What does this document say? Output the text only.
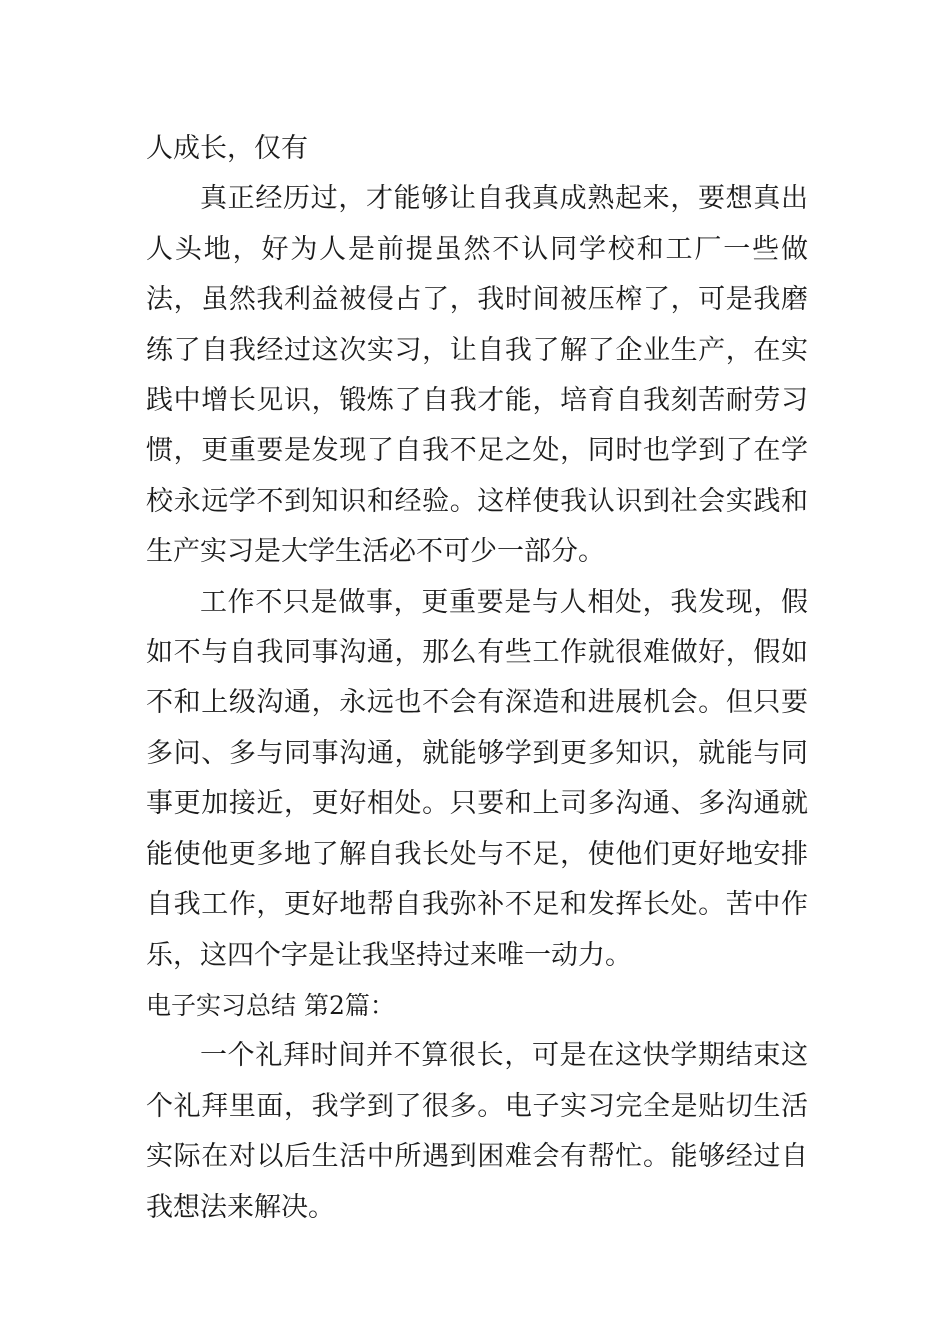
人成长，仅有

真正经历过，才能够让自我真成熟起来，要想真出人头地，好为人是前提虽然不认同学校和工厂一些做法，虽然我利益被侵占了，我时间被压榨了，可是我磨练了自我经过这次实习，让自我了解了企业生产，在实践中增长见识，锻炼了自我才能，培育自我刻苦耐劳习惯，更重要是发现了自我不足之处，同时也学到了在学校永远学不到知识和经验。这样使我认识到社会实践和生产实习是大学生活必不可少一部分。

工作不只是做事，更重要是与人相处，我发现，假如不与自我同事沟通，那么有些工作就很难做好，假如不和上级沟通，永远也不会有深造和进展机会。但只要多问、多与同事沟通，就能够学到更多知识，就能与同事更加接近，更好相处。只要和上司多沟通、多沟通就能使他更多地了解自我长处与不足，使他们更好地安排自我工作，更好地帮自我弥补不足和发挥长处。苦中作乐，这四个字是让我坚持过来唯一动力。

电子实习总结 第2篇：

一个礼拜时间并不算很长，可是在这快学期结束这个礼拜里面，我学到了很多。电子实习完全是贴切生活实际在对以后生活中所遇到困难会有帮忙。能够经过自我想法来解决。
